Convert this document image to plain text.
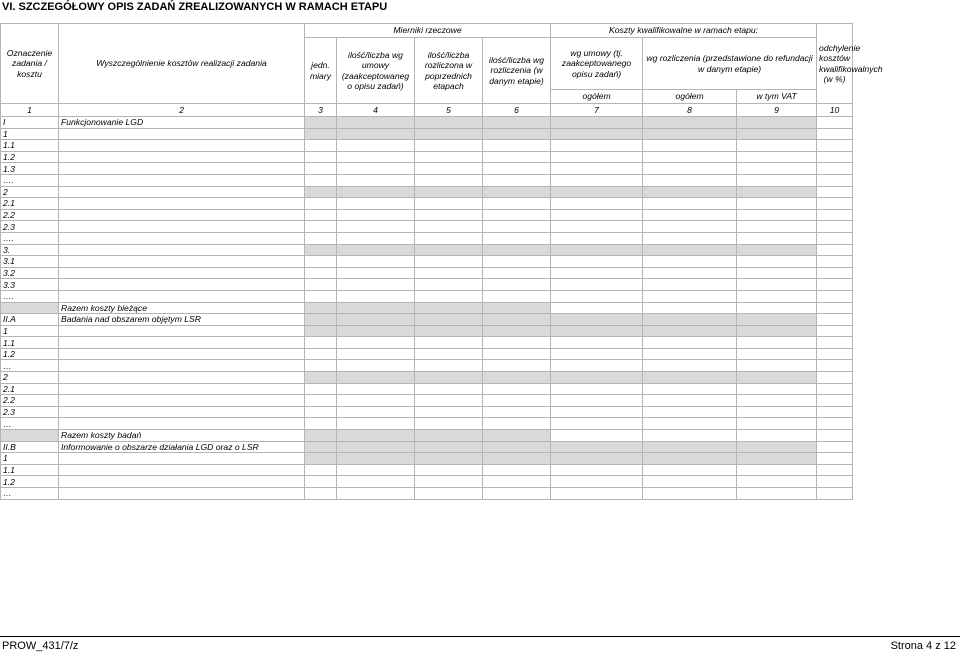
VI. SZCZEGÓŁOWY OPIS ZADAŃ ZREALIZOWANYCH W RAMACH ETAPU
Oznaczenie zadania / kosztu	Wyszczególnienie kosztów realizacji zadania	Mierniki rzeczowe				Koszty kwalifikowalne w ramach etapu:			odchylenie kosztów kwalifikowalnych (w %)
		jedn. miary	ilość/liczba wg umowy (zaakceptowaneg o opisu zadań)	ilość/liczba rozliczona w poprzednich etapach	ilość/liczba wg rozliczenia (w danym etapie)	wg umowy (tj. zaakceptowanego opisu zadań)	wg rozliczenia (przedstawione do refundacji w danym etapie)		
						ogółem	ogółem	w tym VAT	
1	2	3	4	5	6	7	8	9	10
I	Funkcjonowanie LGD								
1									
1.1									
1.2									
1.3									
….									
2									
2.1									
2.2									
2.3									
….									
3.									
3.1									
3.2									
3.3									
….									
	Razem koszty bieżące								
II.A	Badania nad obszarem objętym LSR								
1									
1.1									
1.2									
…									
2									
2.1									
2.2									
2.3									
…									
	Razem koszty badań								
II.B	Informowanie o obszarze działania LGD oraz o LSR								
1									
1.1									
1.2									
…									
PROW_431/7/z	Strona 4 z 12
